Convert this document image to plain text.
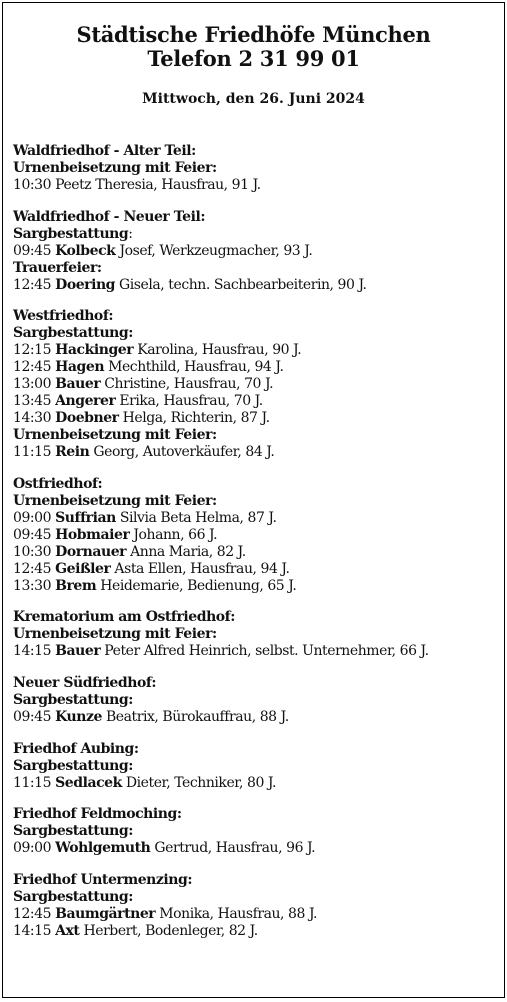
Städtische Friedhöfe München
Telefon 2 31 99 01
Mittwoch, den 26. Juni 2024
Waldfriedhof - Alter Teil:
Urnenbeisetzung mit Feier:
10:30 Peetz Theresia, Hausfrau, 91 J.
Waldfriedhof - Neuer Teil:
Sargbestattung:
09:45 Kolbeck Josef, Werkzeugmacher, 93 J.
Trauerfeier:
12:45 Doering Gisela, techn. Sachbearbeiterin, 90 J.
Westfriedhof:
Sargbestattung:
12:15 Hackinger Karolina, Hausfrau, 90 J.
12:45 Hagen Mechthild, Hausfrau, 94 J.
13:00 Bauer Christine, Hausfrau, 70 J.
13:45 Angerer Erika, Hausfrau, 70 J.
14:30 Doebner Helga, Richterin, 87 J.
Urnenbeisetzung mit Feier:
11:15 Rein Georg, Autoverkäufer, 84 J.
Ostfriedhof:
Urnenbeisetzung mit Feier:
09:00 Suffrian Silvia Beta Helma, 87 J.
09:45 Hobmaier Johann, 66 J.
10:30 Dornauer Anna Maria, 82 J.
12:45 Geißler Asta Ellen, Hausfrau, 94 J.
13:30 Brem Heidemarie, Bedienung, 65 J.
Krematorium am Ostfriedhof:
Urnenbeisetzung mit Feier:
14:15 Bauer Peter Alfred Heinrich, selbst. Unternehmer, 66 J.
Neuer Südfriedhof:
Sargbestattung:
09:45 Kunze Beatrix, Bürokauffrau, 88 J.
Friedhof Aubing:
Sargbestattung:
11:15 Sedlacek Dieter, Techniker, 80 J.
Friedhof Feldmoching:
Sargbestattung:
09:00 Wohlgemuth Gertrud, Hausfrau, 96 J.
Friedhof Untermenzing:
Sargbestattung:
12:45 Baumgärtner Monika, Hausfrau, 88 J.
14:15 Axt Herbert, Bodenleger, 82 J.
